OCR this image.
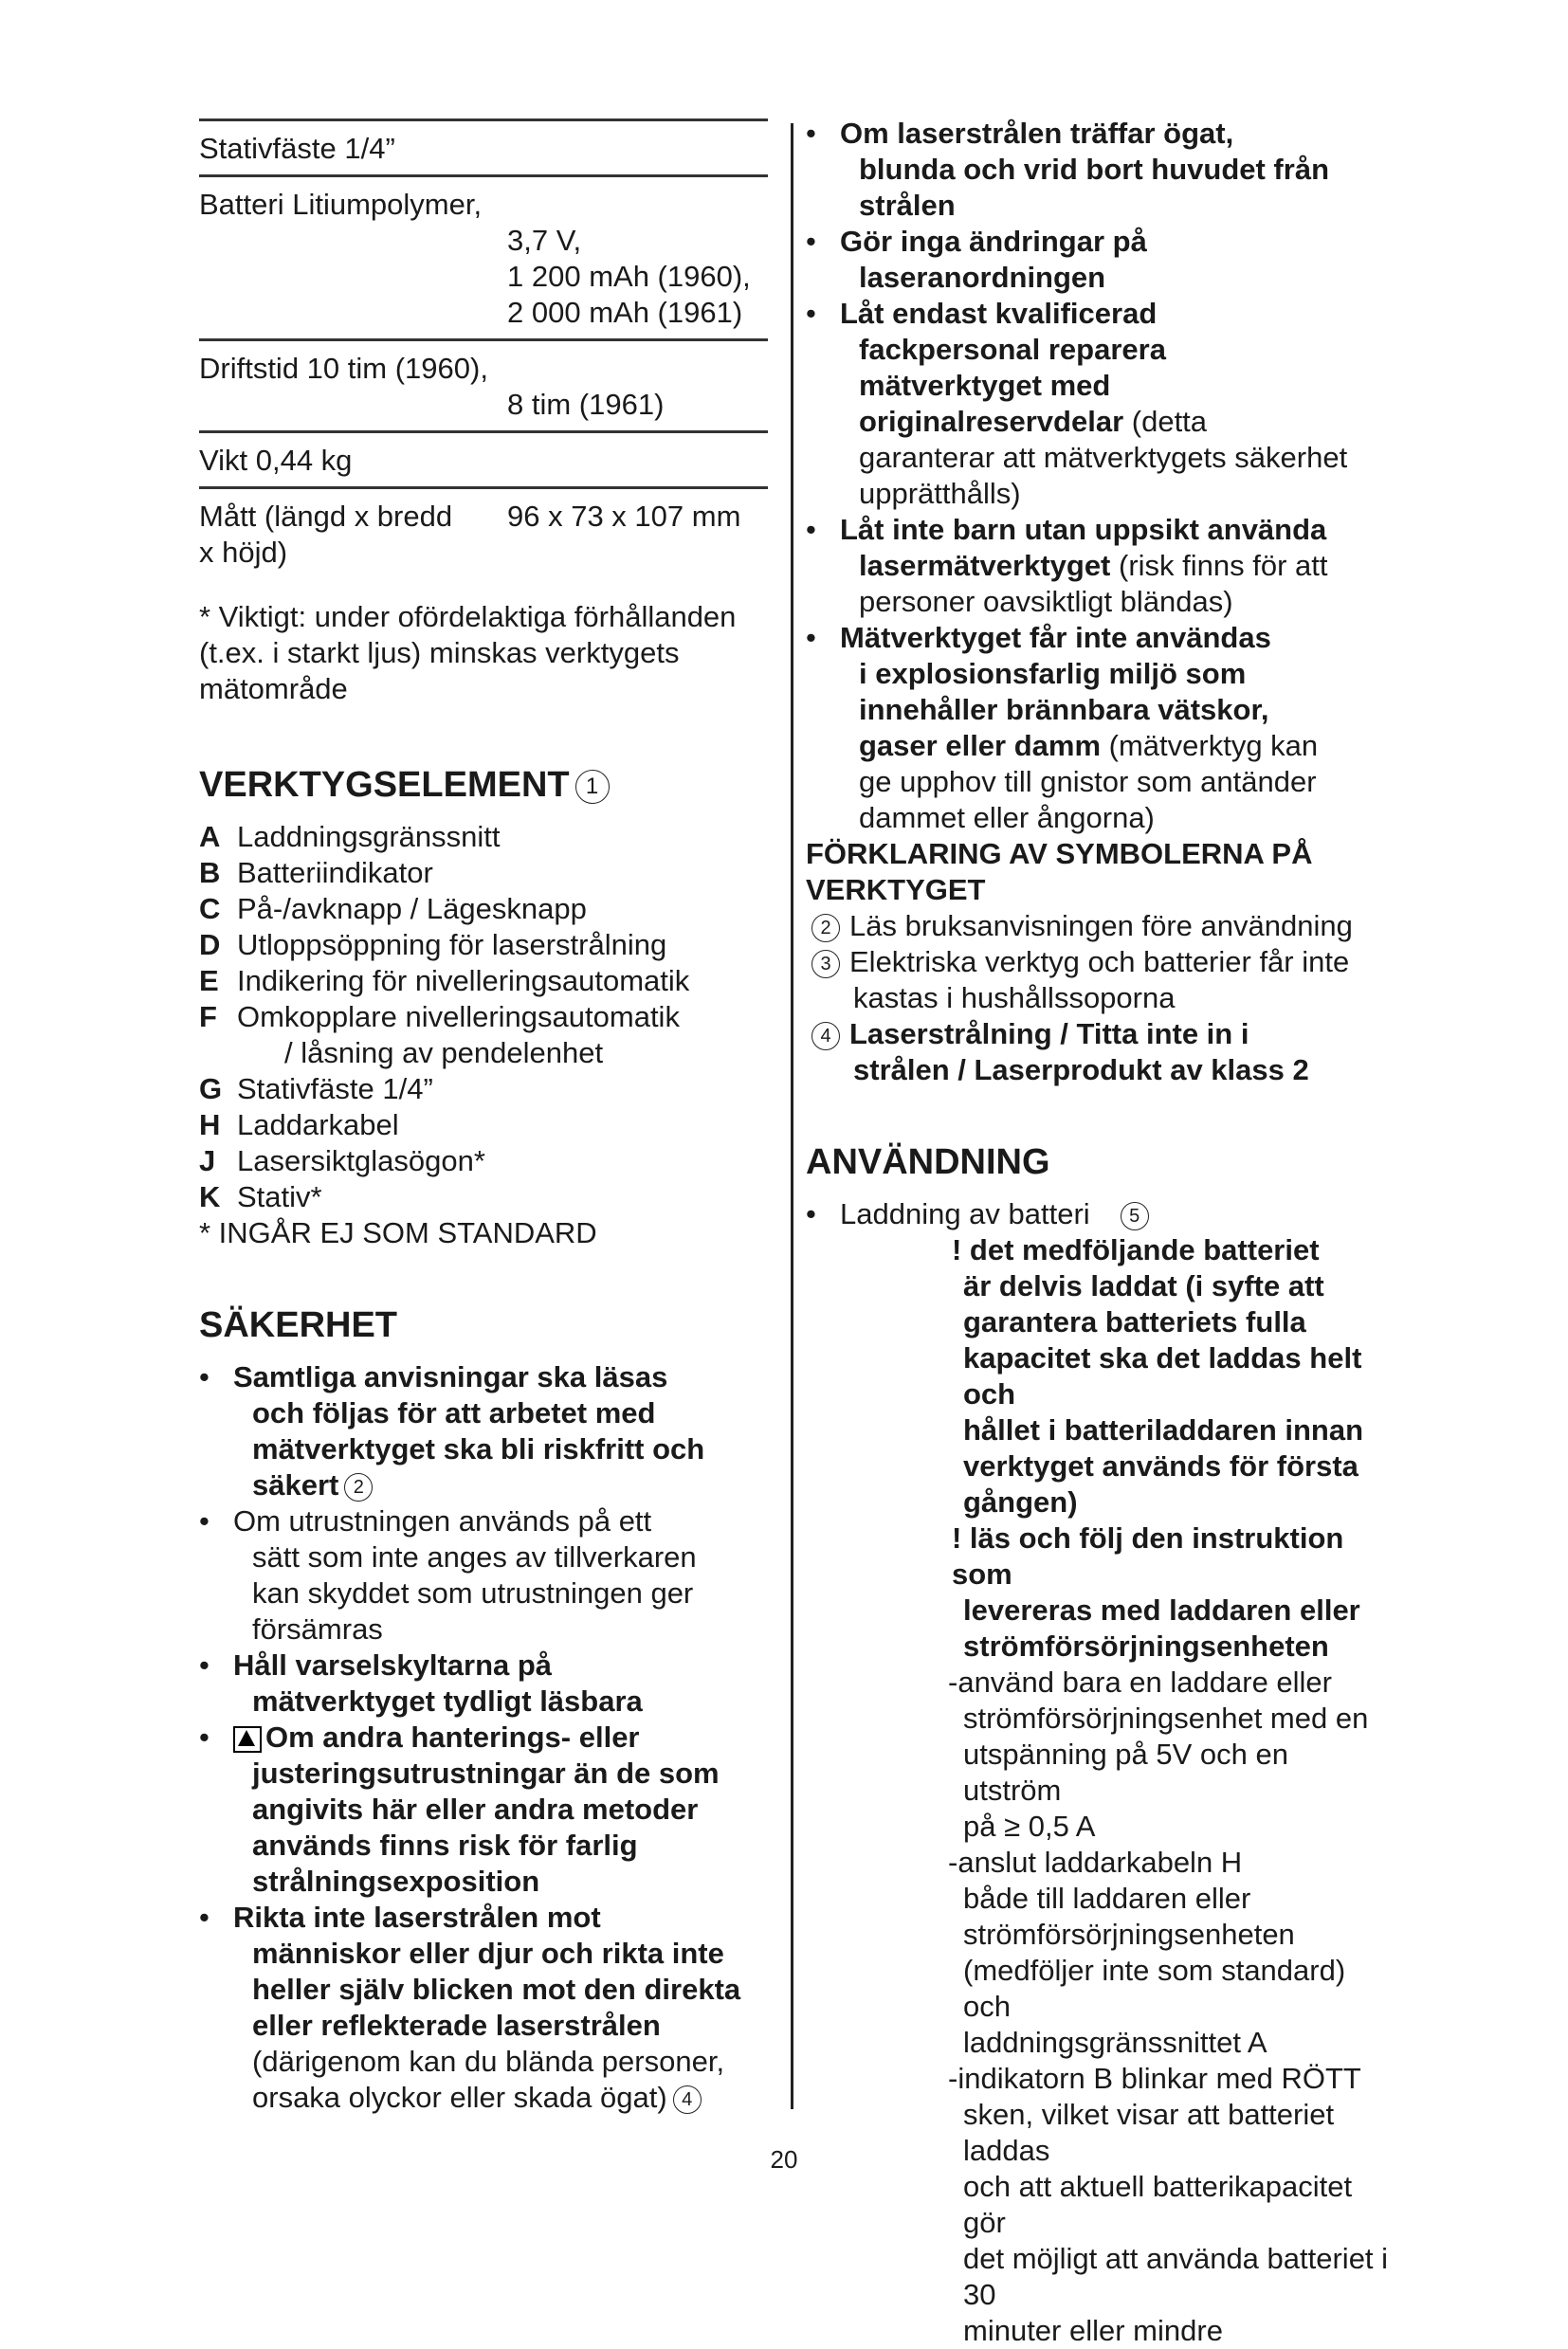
Stativfäste 1/4”
Batteri Litiumpolymer,
3,7 V,
1 200 mAh (1960),
2 000 mAh (1961)
Driftstid 10 tim (1960),
8 tim (1961)
Vikt 0,44 kg
Mått (längd x bredd	96 x 73 x 107 mm
x höjd)
* Viktigt: under ofördelaktiga förhållanden (t.ex. i starkt ljus) minskas verktygets mätområde
VERKTYGSELEMENT 1
A Laddningsgränssnitt
B Batteriindikator
C På-/avknapp / Lägesknapp
D Utloppsöppning för laserstrålning
E Indikering för nivelleringsautomatik
F Omkopplare nivelleringsautomatik
/ låsning av pendelenhet
G Stativfäste 1/4”
H Laddarkabel
J Lasersiktglasögon*
K Stativ*
* INGÅR EJ SOM STANDARD
SÄKERHET
• Samtliga anvisningar ska läsas

och följas för att arbetet med
mätverktyget ska bli riskfritt och
säkert 2
• Om utrustningen används på ett
sätt som inte anges av tillverkaren
kan skyddet som utrustningen ger
försämras
• Håll varselskyltarna på
mätverktyget tydligt läsbara
•	Om andra hanterings- eller
justeringsutrustningar än de som
angivits här eller andra metoder
används finns risk för farlig
strålningsexposition
• Rikta inte laserstrålen mot
människor eller djur och rikta inte
heller själv blicken mot den direkta
eller reflekterade laserstrålen
(därigenom kan du blända personer,
orsaka olyckor eller skada ögat) 4
• Om laserstrålen träffar ögat,
blunda och vrid bort huvudet från
strålen
• Gör inga ändringar på
laseranordningen
• Låt endast kvalificerad
fackpersonal reparera
mätverktyget med
originalreservdelar (detta
garanterar att mätverktygets säkerhet
upprätthålls)
• Låt inte barn utan uppsikt använda
lasermätverktyget (risk finns för att
personer oavsiktligt bländas)
• Mätverktyget får inte användas
i explosionsfarlig miljö som
innehåller brännbara vätskor,
gaser eller damm (mätverktyg kan
ge upphov till gnistor som antänder
dammet eller ångorna)
FÖRKLARING AV SYMBOLERNA PÅ
VERKTYGET
2 Läs bruksanvisningen före användning
3 Elektriska verktyg och batterier får inte
kastas i hushållssoporna
4 Laserstrålning / Titta inte in i
strålen / Laserprodukt av klass 2
ANVÄNDNING
• Laddning av batteri 5

! det medföljande batteriet

är delvis laddat (i syfte att
garantera batteriets fulla
kapacitet ska det laddas helt och
hållet i batteriladdaren innan
verktyget används för första
gången)

! läs och följ den instruktion som

levereras med laddaren eller
strömförsörjningsenheten

-använd bara en laddare eller

strömförsörjningsenhet med en
utspänning på 5V och en utström
på ≥ 0,5 A

-anslut laddarkabeln H

både till laddaren eller
strömförsörjningsenheten
(medföljer inte som standard) och
laddningsgränssnittet A

-indikatorn B blinkar med RÖTT

sken, vilket visar att batteriet laddas
och att aktuell batterikapacitet gör
det möjligt att använda batteriet i 30
minuter eller mindre

20
